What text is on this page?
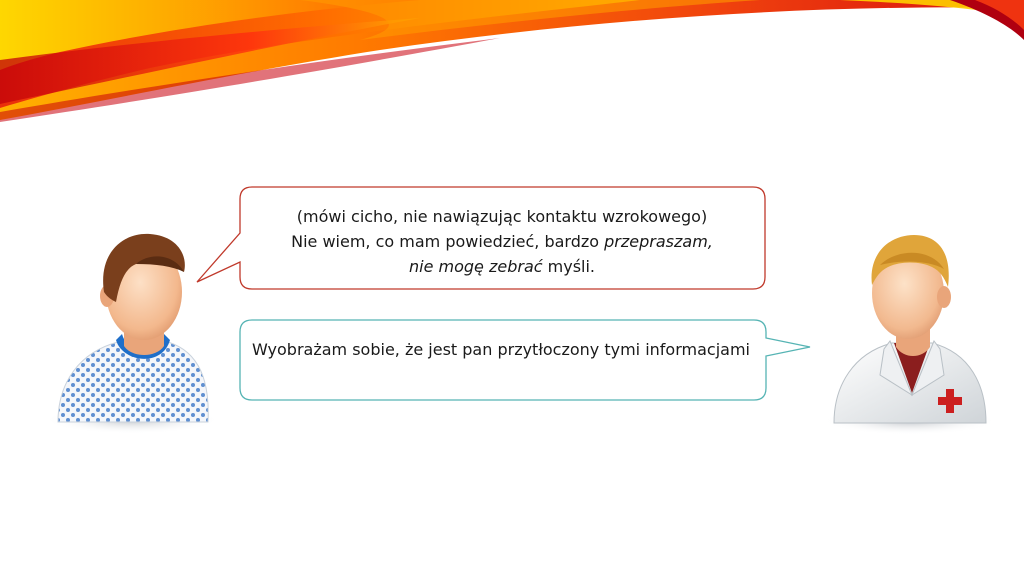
(mówi cicho, nie nawiązując kontaktu wzrokowego)
Nie wiem, co mam powiedzieć, bardzo przepraszam,
nie mogę zebrać myśli.
Wyobrażam sobie, że jest pan przytłoczony tymi informacjami
